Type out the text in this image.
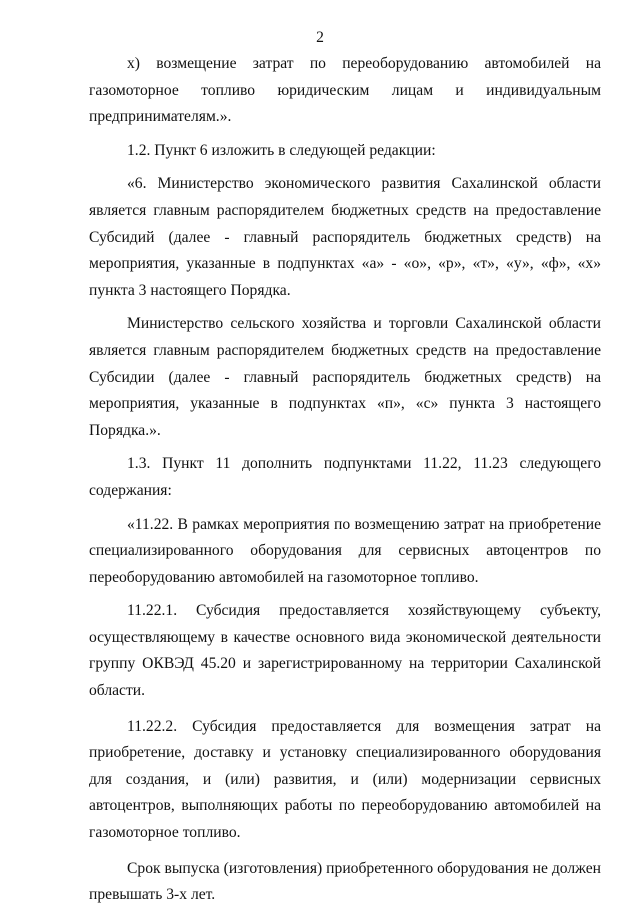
2

х) возмещение затрат по переоборудованию автомобилей на газомоторное топливо юридическим лицам и индивидуальным предпринимателям.».

1.2. Пункт 6 изложить в следующей редакции:

«6. Министерство экономического развития Сахалинской области является главным распорядителем бюджетных средств на предоставление Субсидий (далее - главный распорядитель бюджетных средств) на мероприятия, указанные в подпунктах «а» - «о», «р», «т», «у», «ф», «х» пункта 3 настоящего Порядка.

Министерство сельского хозяйства и торговли Сахалинской области является главным распорядителем бюджетных средств на предоставление Субсидии (далее - главный распорядитель бюджетных средств) на мероприятия, указанные в подпунктах «п», «с» пункта 3 настоящего Порядка.».

1.3. Пункт 11 дополнить подпунктами 11.22, 11.23 следующего содержания:

«11.22. В рамках мероприятия по возмещению затрат на приобретение специализированного оборудования для сервисных автоцентров по переоборудованию автомобилей на газомоторное топливо.

11.22.1. Субсидия предоставляется хозяйствующему субъекту, осуществляющему в качестве основного вида экономической деятельности группу ОКВЭД 45.20 и зарегистрированному на территории Сахалинской области.

11.22.2. Субсидия предоставляется для возмещения затрат на приобретение, доставку и установку специализированного оборудования для создания, и (или) развития, и (или) модернизации сервисных автоцентров, выполняющих работы по переоборудованию автомобилей на газомоторное топливо.

Срок выпуска (изготовления) приобретенного оборудования не должен превышать 3-х лет.
